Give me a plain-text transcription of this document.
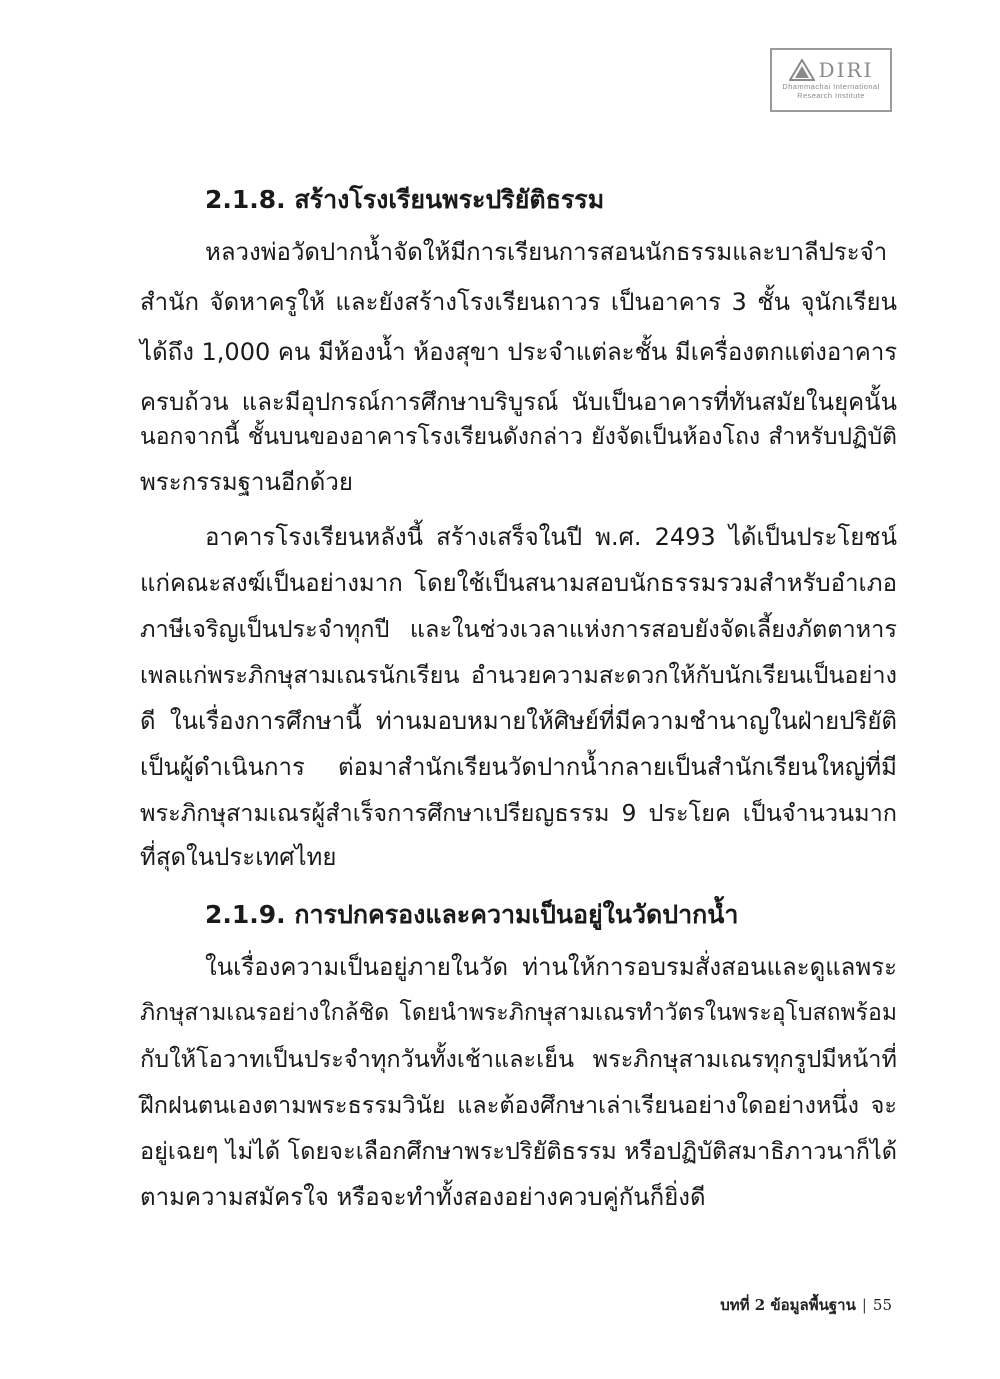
DIRI
Dhammachai International
Research Institute
2.1.8. สร้างโรงเรียนพระปริยัติธรรม

หลวงพ่อวัดปากน้ำจัดให้มีการเรียนการสอนนักธรรมและบาลีประจำ

สำนัก จัดหาครูให้ และยังสร้างโรงเรียนถาวร เป็นอาคาร 3 ชั้น จุนักเรียน

ได้ถึง 1,000 คน มีห้องน้ำ ห้องสุขา ประจำแต่ละชั้น มีเครื่องตกแต่งอาคาร

ครบถ้วน และมีอุปกรณ์การศึกษาบริบูรณ์ นับเป็นอาคารที่ทันสมัยในยุคนั้น

นอกจากนี้ ชั้นบนของอาคารโรงเรียนดังกล่าว ยังจัดเป็นห้องโถง สำหรับปฏิบัติ

พระกรรมฐานอีกด้วย

อาคารโรงเรียนหลังนี้ สร้างเสร็จในปี พ.ศ. 2493 ได้เป็นประโยชน์

แก่คณะสงฆ์เป็นอย่างมาก โดยใช้เป็นสนามสอบนักธรรมรวมสำหรับอำเภอ

ภาษีเจริญเป็นประจำทุกปี และในช่วงเวลาแห่งการสอบยังจัดเลี้ยงภัตตาหาร

เพลแก่พระภิกษุสามเณรนักเรียน อำนวยความสะดวกให้กับนักเรียนเป็นอย่าง

ดี ในเรื่องการศึกษานี้ ท่านมอบหมายให้ศิษย์ที่มีความชำนาญในฝ่ายปริยัติ

เป็นผู้ดำเนินการ ต่อมาสำนักเรียนวัดปากน้ำกลายเป็นสำนักเรียนใหญ่ที่มี

พระภิกษุสามเณรผู้สำเร็จการศึกษาเปรียญธรรม 9 ประโยค เป็นจำนวนมาก

ที่สุดในประเทศไทย

2.1.9. การปกครองและความเป็นอยู่ในวัดปากน้ำ

ในเรื่องความเป็นอยู่ภายในวัด ท่านให้การอบรมสั่งสอนและดูแลพระ

ภิกษุสามเณรอย่างใกล้ชิด โดยนำพระภิกษุสามเณรทำวัตรในพระอุโบสถพร้อม

กับให้โอวาทเป็นประจำทุกวันทั้งเช้าและเย็น พระภิกษุสามเณรทุกรูปมีหน้าที่

ฝึกฝนตนเองตามพระธรรมวินัย และต้องศึกษาเล่าเรียนอย่างใดอย่างหนึ่ง จะ

อยู่เฉยๆ ไม่ได้ โดยจะเลือกศึกษาพระปริยัติธรรม หรือปฏิบัติสมาธิภาวนาก็ได้

ตามความสมัครใจ หรือจะทำทั้งสองอย่างควบคู่กันก็ยิ่งดี

บทที่ 2 ข้อมูลพื้นฐาน | 55
